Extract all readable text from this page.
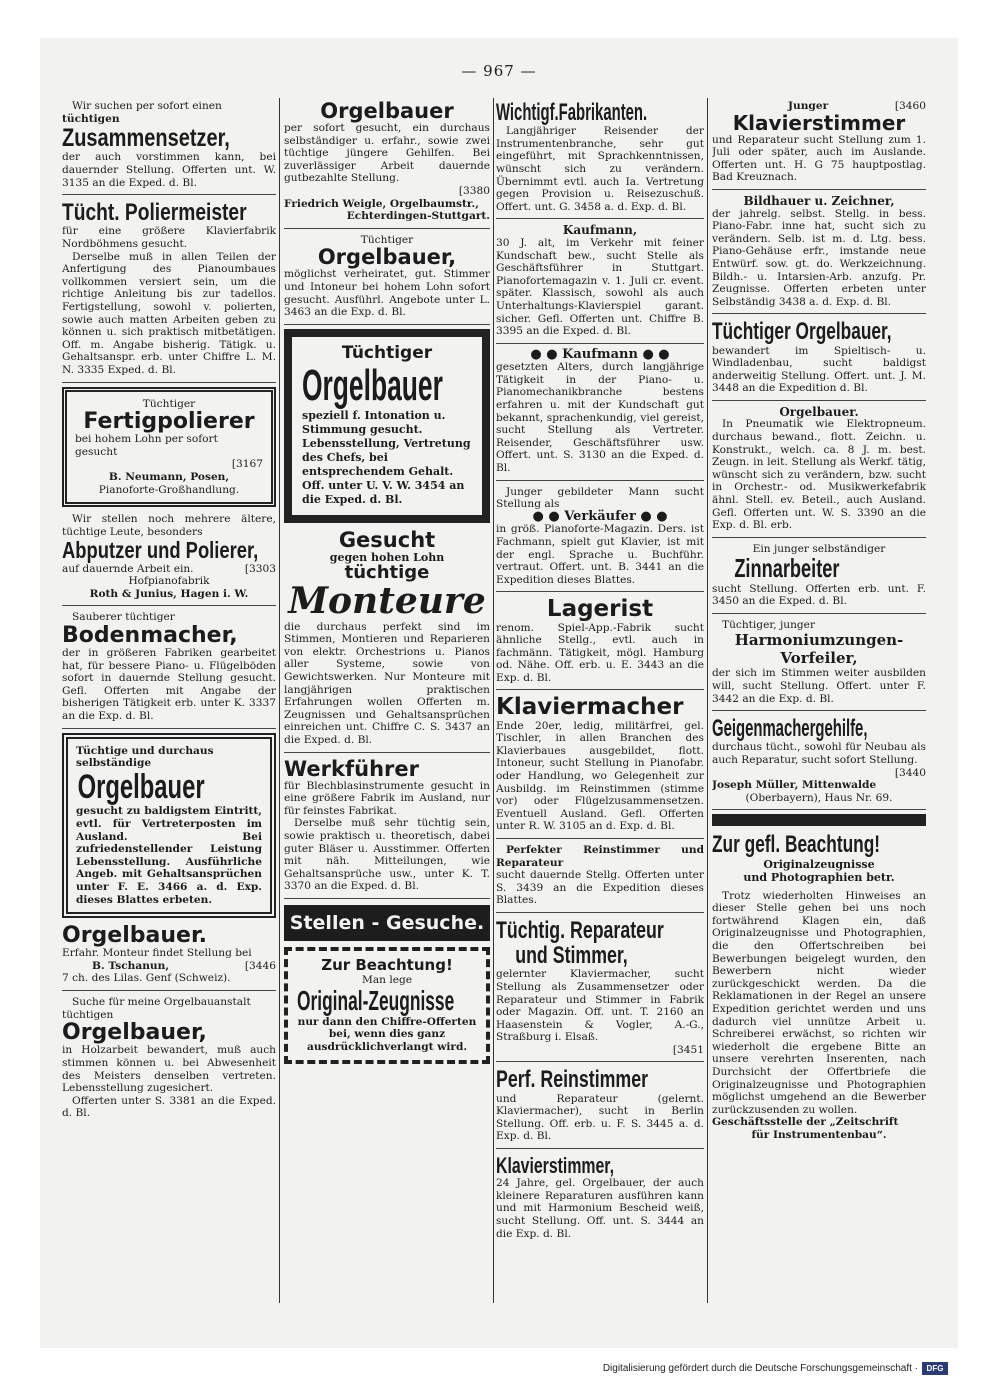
— 967 —

Wir suchen per sofort einen

tüchtigen

Zusammensetzer,

der auch vorstimmen kann, bei dauernder Stellung. Offerten unt. W. 3135 an die Exped. d. Bl.

Tücht. Poliermeister

für eine größere Klavierfabrik Nordböhmens gesucht.

Derselbe muß in allen Teilen der Anfertigung des Pianoumbaues vollkommen versiert sein, um die richtige Anleitung bis zur tadellos. Fertigstellung, sowohl v. polierten, sowie auch matten Arbeiten geben zu können u. sich praktisch mitbetätigen. Off. m. Angabe bisherig. Tätigk. u. Gehaltsanspr. erb. unter Chiffre L. M. N. 3335 Exped. d. Bl.

Tüchtiger

Fertigpolierer

bei hohem Lohn per sofort gesucht

[3167

B. Neumann, Posen,

Pianoforte-Großhandlung.

Wir stellen noch mehrere ältere, tüchtige Leute, besonders

Abputzer und Polierer,

auf dauernde Arbeit ein.	[3303

Hofpianofabrik

Roth & Junius, Hagen i. W.

Sauberer tüchtiger

Bodenmacher,

der in größeren Fabriken gearbeitet hat, für bessere Piano- u. Flügelböden sofort in dauernde Stellung gesucht. Gefl. Offerten mit Angabe der bisherigen Tätigkeit erb. unter K. 3337 an die Exp. d. Bl.

Tüchtige und durchaus selbständige

Orgelbauer

gesucht zu baldigstem Eintritt, evtl. für Vertreterposten im Ausland. Bei zufriedenstellender Leistung Lebensstellung. Ausführliche Angeb. mit Gehaltsansprüchen unter F. E. 3466 a. d. Exp. dieses Blattes erbeten.

Orgelbauer.

Erfahr. Monteur findet Stellung bei

B. Tschanun,	[3446

7 ch. des Lilas. Genf (Schweiz).

Suche für meine Orgelbauanstalt tüchtigen

Orgelbauer,

in Holzarbeit bewandert, muß auch stimmen können u. bei Abwesenheit des Meisters denselben vertreten. Lebensstellung zugesichert.

Offerten unter S. 3381 an die Exped. d. Bl.

Orgelbauer

per sofort gesucht, ein durchaus selbständiger u. erfahr., sowie zwei tüchtige jüngere Gehilfen. Bei zuverlässiger Arbeit dauernde gutbezahlte Stellung.

[3380

Friedrich Weigle, Orgelbaumstr.,

Echterdingen-Stuttgart.

Tüchtiger

Orgelbauer,

möglichst verheiratet, gut. Stimmer und Intoneur bei hohem Lohn sofort gesucht. Ausführl. Angebote unter L. 3463 an die Exp. d. Bl.

Tüchtiger
Orgelbauer

speziell f. Intonation u. Stimmung gesucht. Lebensstellung, Vertretung des Chefs, bei entsprechendem Gehalt. Off. unter U. V. W. 3454 an die Exped. d. Bl.

Gesucht

gegen hohen Lohn

tüchtige
Monteure

die durchaus perfekt sind im Stimmen, Montieren und Reparieren von elektr. Orchestrions u. Pianos aller Systeme, sowie von Gewichtswerken. Nur Monteure mit langjährigen praktischen Erfahrungen wollen Offerten m. Zeugnissen und Gehaltsansprüchen einreichen unt. Chiffre C. S. 3437 an die Exped. d. Bl.

Werkführer

für Blechblasinstrumente gesucht in eine größere Fabrik im Ausland, nur für feinstes Fabrikat.

Derselbe muß sehr tüchtig sein, sowie praktisch u. theoretisch, dabei guter Bläser u. Ausstimmer. Offerten mit näh. Mitteilungen, wie Gehaltsansprüche usw., unter K. T. 3370 an die Exped. d. Bl.

Stellen - Gesuche.
Zur Beachtung!

Man lege

Original-Zeugnisse

nur dann den Chiffre-Offerten bei, wenn dies ganz ausdrücklichverlangt wird.

Wichtigf.Fabrikanten.

Langjähriger Reisender der Instrumentenbranche, sehr gut eingeführt, mit Sprachkenntnissen, wünscht sich zu verändern. Übernimmt evtl. auch Ia. Vertretung gegen Provision u. Reisezuschuß. Offert. unt. G. 3458 a. d. Exp. d. Bl.

Kaufmann,

30 J. alt, im Verkehr mit feiner Kundschaft bew., sucht Stelle als Geschäftsführer in Stuttgart. Pianofortemagazin v. 1. Juli cr. event. später. Klassisch, sowohl als auch Unterhaltungs-Klavierspiel garant. sicher. Gefl. Offerten unt. Chiffre B. 3395 an die Exped. d. Bl.

● ● Kaufmann ● ●

gesetzten Alters, durch langjährige Tätigkeit in der Piano- u. Pianomechanikbranche bestens erfahren u. mit der Kundschaft gut bekannt, sprachenkundig, viel gereist, sucht Stellung als Vertreter. Reisender, Geschäftsführer usw. Offert. unt. S. 3130 an die Exped. d. Bl.

Junger gebildeter Mann sucht Stellung als

● ● Verkäufer ● ●

in größ. Pianoforte-Magazin. Ders. ist Fachmann, spielt gut Klavier, ist mit der engl. Sprache u. Buchführ. vertraut. Offert. unt. B. 3441 an die Expedition dieses Blattes.

Lagerist

renom. Spiel-App.-Fabrik sucht ähnliche Stellg., evtl. auch in fachmänn. Tätigkeit, mögl. Hamburg od. Nähe. Off. erb. u. E. 3443 an die Exp. d. Bl.

Klaviermacher

Ende 20er, ledig, militärfrei, gel. Tischler, in allen Branchen des Klavierbaues ausgebildet, flott. Intoneur, sucht Stellung in Pianofabr. oder Handlung, wo Gelegenheit zur Ausbildg. im Reinstimmen (stimme vor) oder Flügelzusammensetzen. Eventuell Ausland. Gefl. Offerten unter R. W. 3105 an d. Exp. d. Bl.

Perfekter Reinstimmer und Reparateur

sucht dauernde Stellg. Offerten unter S. 3439 an die Expedition dieses Blattes.

Tüchtig. Reparateur
und Stimmer,

gelernter Klaviermacher, sucht Stellung als Zusammensetzer oder Reparateur und Stimmer in Fabrik oder Magazin. Off. unt. T. 2160 an Haasenstein & Vogler, A.-G., Straßburg i. Elsaß.

[3451

Perf. Reinstimmer

und Reparateur (gelernt. Klaviermacher), sucht in Berlin Stellung. Off. erb. u. F. S. 3445 a. d. Exp. d. Bl.

Klavierstimmer,

24 Jahre, gel. Orgelbauer, der auch kleinere Reparaturen ausführen kann und mit Harmonium Bescheid weiß, sucht Stellung. Off. unt. S. 3444 an die Exp. d. Bl.

Junger	[3460

Klavierstimmer

und Reparateur sucht Stellung zum 1. Juli oder später, auch im Auslande. Offerten unt. H. G 75 hauptpostlag. Bad Kreuznach.

Bildhauer u. Zeichner,

der jahrelg. selbst. Stellg. in bess. Piano-Fabr. inne hat, sucht sich zu verändern. Selb. ist m. d. Ltg. bess. Piano-Gehäuse erfr., imstande neue Entwürf. sow. gt. do. Werkzeichnung. Bildh.- u. Intarsien-Arb. anzufg. Pr. Zeugnisse. Offerten erbeten unter Selbständig 3438 a. d. Exp. d. Bl.

Tüchtiger Orgelbauer,

bewandert im Spieltisch- u. Windladenbau, sucht baldigst anderweitig Stellung. Offert. unt. J. M. 3448 an die Expedition d. Bl.

Orgelbauer.

In Pneumatik wie Elektropneum. durchaus bewand., flott. Zeichn. u. Konstrukt., welch. ca. 8 J. m. best. Zeugn. in leit. Stellung als Werkf. tätig, wünscht sich zu verändern, bzw. sucht in Orchestr.- od. Musikwerkefabrik ähnl. Stell. ev. Beteil., auch Ausland. Gefl. Offerten unt. W. S. 3390 an die Exp. d. Bl. erb.

Ein junger selbständiger

Zinnarbeiter

sucht Stellung. Offerten erb. unt. F. 3450 an die Exped. d. Bl.

Tüchtiger, junger

Harmoniumzungen-

Vorfeiler,

der sich im Stimmen weiter ausbilden will, sucht Stellung. Offert. unter F. 3442 an die Exp. d. Bl.

Geigenmachergehilfe,

durchaus tücht., sowohl für Neubau als auch Reparatur, sucht sofort Stellung.

[3440

Joseph Müller, Mittenwalde

(Oberbayern), Haus Nr. 69.

Zur gefl. Beachtung!

Originalzeugnisse

und Photographien betr.

Trotz wiederholten Hinweises an dieser Stelle gehen bei uns noch fortwährend Klagen ein, daß Originalzeugnisse und Photographien, die den Offertschreiben bei Bewerbungen beigelegt wurden, den Bewerbern nicht wieder zurückgeschickt werden. Da die Reklamationen in der Regel an unsere Expedition gerichtet werden und uns dadurch viel unnütze Arbeit u. Schreiberei erwächst, so richten wir wiederholt die ergebene Bitte an unsere verehrten Inserenten, nach Durchsicht der Offertbriefe die Originalzeugnisse und Photographien möglichst umgehend an die Bewerber zurückzusenden zu wollen.

Geschäftsstelle der „Zeitschrift

für Instrumentenbau“.

Digitalisierung gefördert durch die Deutsche Forschungsgemeinschaft ·	DFG
